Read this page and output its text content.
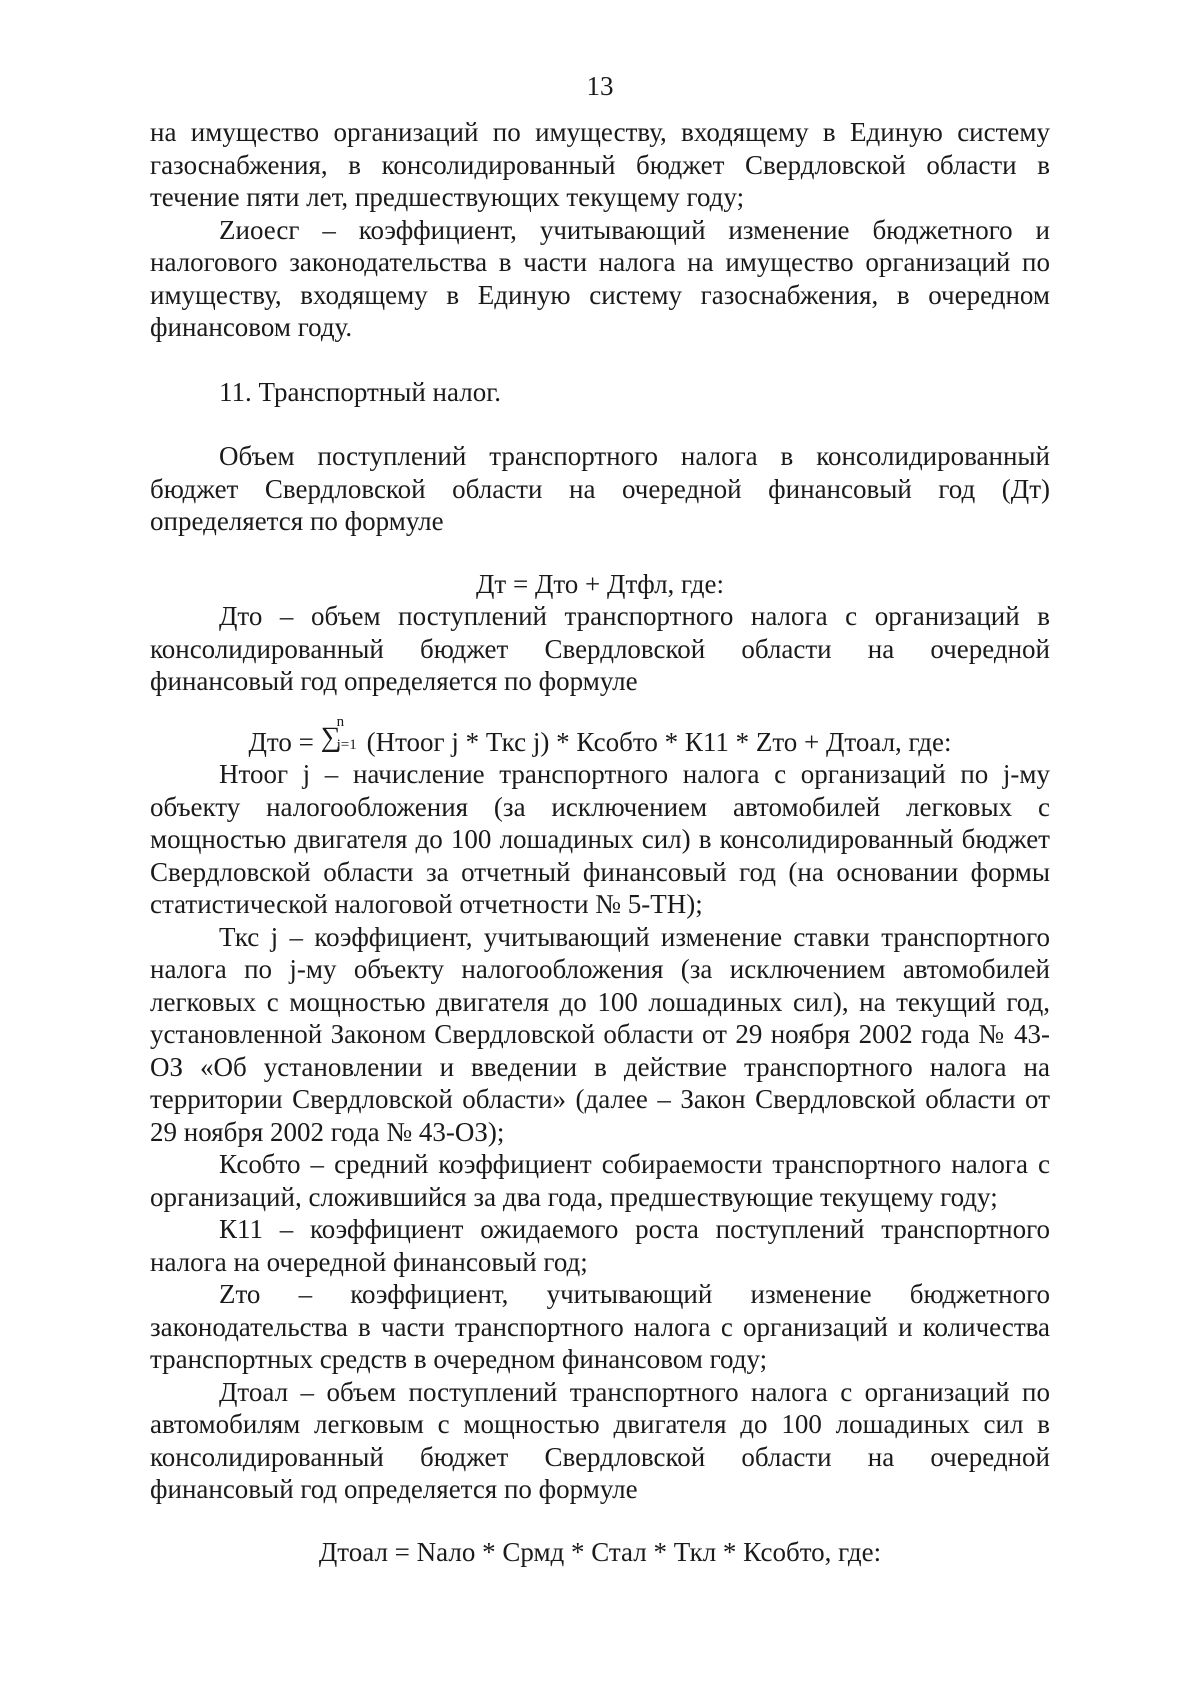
13

на имущество организаций по имуществу, входящему в Единую систему газоснабжения, в консолидированный бюджет Свердловской области в течение пяти лет, предшествующих текущему году;

Zиоесг – коэффициент, учитывающий изменение бюджетного и налогового законодательства в части налога на имущество организаций по имуществу, входящему в Единую систему газоснабжения, в очередном финансовом году.

11. Транспортный налог.

Объем поступлений транспортного налога в консолидированный бюджет Свердловской области на очередной финансовый год (Дт) определяется по формуле

Дт = Дто + Дтфл, где:

Дто – объем поступлений транспортного налога с организаций в консолидированный бюджет Свердловской области на очередной финансовый год определяется по формуле

Дто = ∑
n
j=1 (Нтоог j * Ткс j) * Ксобто * К11 * Zто + Дтоал, где:

Нтоог j – начисление транспортного налога с организаций по j-му объекту налогообложения (за исключением автомобилей легковых с мощностью двигателя до 100 лошадиных сил) в консолидированный бюджет Свердловской области за отчетный финансовый год (на основании формы статистической налоговой отчетности № 5-ТН);

Ткс j – коэффициент, учитывающий изменение ставки транспортного налога по j-му объекту налогообложения (за исключением автомобилей легковых с мощностью двигателя до 100 лошадиных сил), на текущий год, установленной Законом Свердловской области от 29 ноября 2002 года № 43-ОЗ «Об установлении и введении в действие транспортного налога на территории Свердловской области» (далее – Закон Свердловской области от 29 ноября 2002 года № 43-ОЗ);

Ксобто – средний коэффициент собираемости транспортного налога с организаций, сложившийся за два года, предшествующие текущему году;

К11 – коэффициент ожидаемого роста поступлений транспортного налога на очередной финансовый год;

Zто – коэффициент, учитывающий изменение бюджетного законодательства в части транспортного налога с организаций и количества транспортных средств в очередном финансовом году;

Дтоал – объем поступлений транспортного налога с организаций по автомобилям легковым с мощностью двигателя до 100 лошадиных сил в консолидированный бюджет Свердловской области на очередной финансовый год определяется по формуле

Дтоал = Nало * Срмд * Стал * Ткл * Ксобто, где:
